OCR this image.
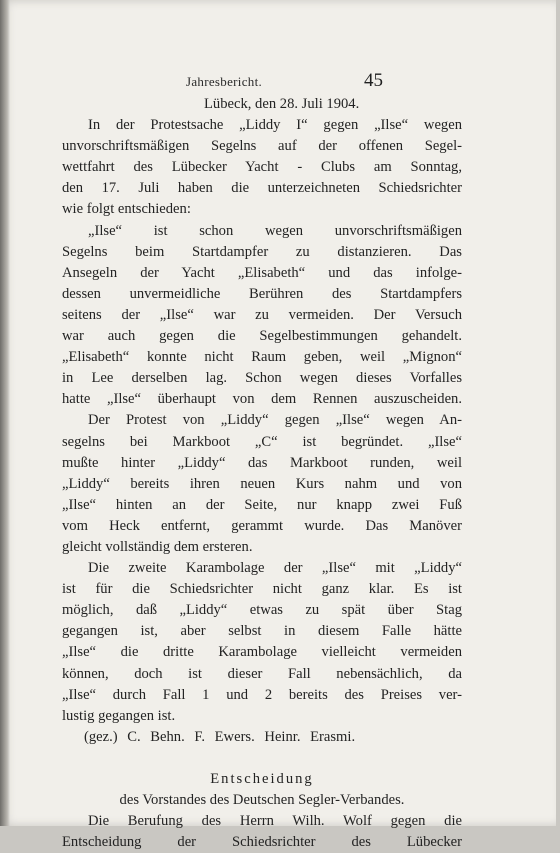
Jahresbericht.	45
Lübeck, den 28. Juli 1904.
In der Protestsache „Liddy I“ gegen „Ilse“ wegen
unvorschriftsmäßigen Segelns auf der offenen Segel-
wettfahrt des Lübecker Yacht - Clubs am Sonntag,
den 17. Juli haben die unterzeichneten Schiedsrichter
wie folgt entschieden:
„Ilse“ ist schon wegen unvorschriftsmäßigen
Segelns beim Startdampfer zu distanzieren. Das
Ansegeln der Yacht „Elisabeth“ und das infolge-
dessen unvermeidliche Berühren des Startdampfers
seitens der „Ilse“ war zu vermeiden. Der Versuch
war auch gegen die Segelbestimmungen gehandelt.
„Elisabeth“ konnte nicht Raum geben, weil „Mignon“
in Lee derselben lag. Schon wegen dieses Vorfalles
hatte „Ilse“ überhaupt von dem Rennen auszuscheiden.
Der Protest von „Liddy“ gegen „Ilse“ wegen An-
segelns bei Markboot „C“ ist begründet. „Ilse“
mußte hinter „Liddy“ das Markboot runden, weil
„Liddy“ bereits ihren neuen Kurs nahm und von
„Ilse“ hinten an der Seite, nur knapp zwei Fuß
vom Heck entfernt, gerammt wurde. Das Manöver
gleicht vollständig dem ersteren.
Die zweite Karambolage der „Ilse“ mit „Liddy“
ist für die Schiedsrichter nicht ganz klar. Es ist
möglich, daß „Liddy“ etwas zu spät über Stag
gegangen ist, aber selbst in diesem Falle hätte
„Ilse“ die dritte Karambolage vielleicht vermeiden
können, doch ist dieser Fall nebensächlich, da
„Ilse“ durch Fall 1 und 2 bereits des Preises ver-
lustig gegangen ist.
(gez.) C. Behn. F. Ewers. Heinr. Erasmi.
Entscheidung
des Vorstandes des Deutschen Segler-Verbandes.
Die Berufung des Herrn Wilh. Wolf gegen die
Entscheidung der Schiedsrichter des Lübecker
